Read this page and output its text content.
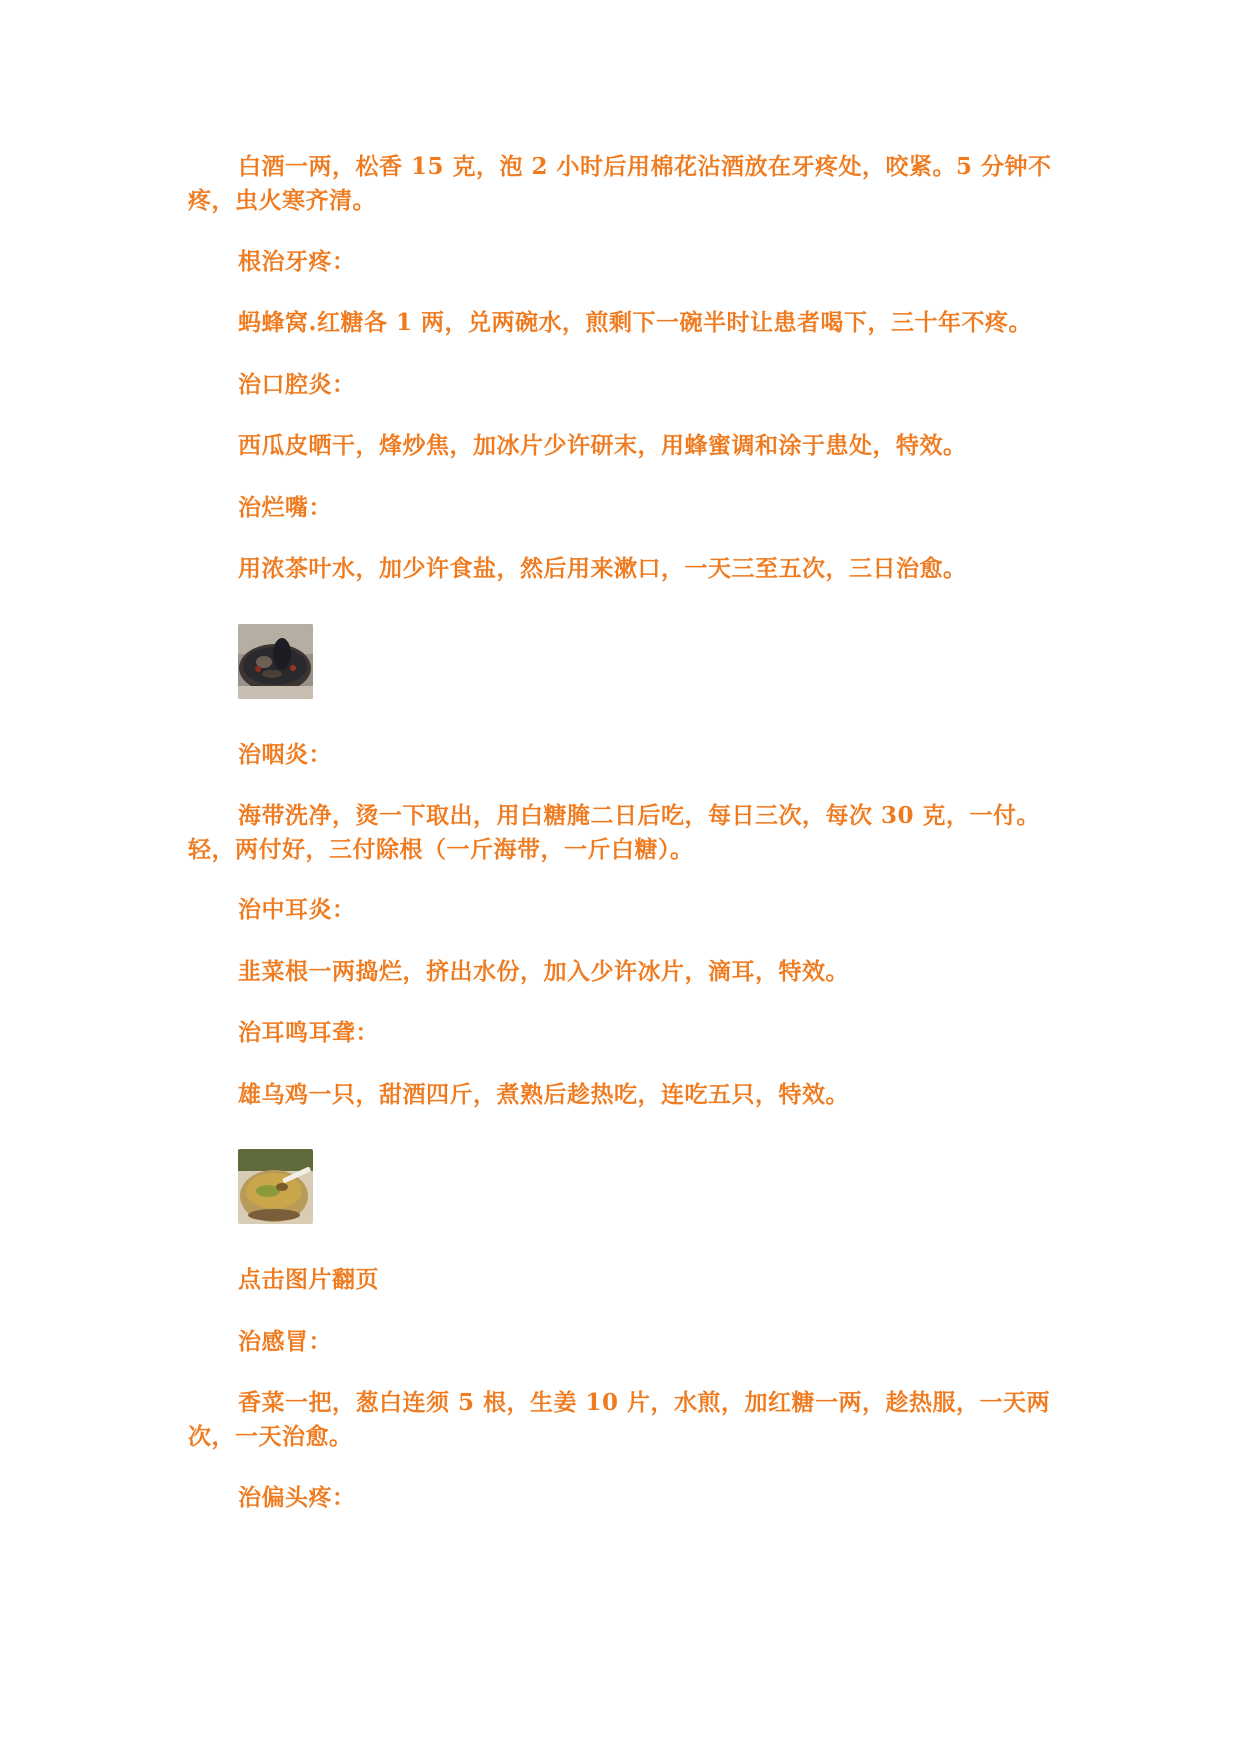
白酒一两，松香 15 克，泡 2 小时后用棉花沾酒放在牙疼处，咬紧。5 分钟不疼，虫火寒齐清。

根治牙疼：

蚂蜂窝.红糖各 1 两，兑两碗水，煎剩下一碗半时让患者喝下，三十年不疼。

治口腔炎：

西瓜皮晒干，烽炒焦，加冰片少许研末，用蜂蜜调和涂于患处，特效。

治烂嘴：

用浓茶叶水，加少许食盐，然后用来漱口，一天三至五次，三日治愈。

治咽炎：

海带洗净，烫一下取出，用白糖腌二日后吃，每日三次，每次 30 克，一付。轻，两付好，三付除根（一斤海带，一斤白糖）。

治中耳炎：

韭菜根一两捣烂，挤出水份，加入少许冰片，滴耳，特效。

治耳鸣耳聋：

雄乌鸡一只，甜酒四斤，煮熟后趁热吃，连吃五只，特效。

点击图片翻页

治感冒：

香菜一把，葱白连须 5 根，生姜 10 片，水煎，加红糖一两，趁热服，一天两次，一天治愈。

治偏头疼：
